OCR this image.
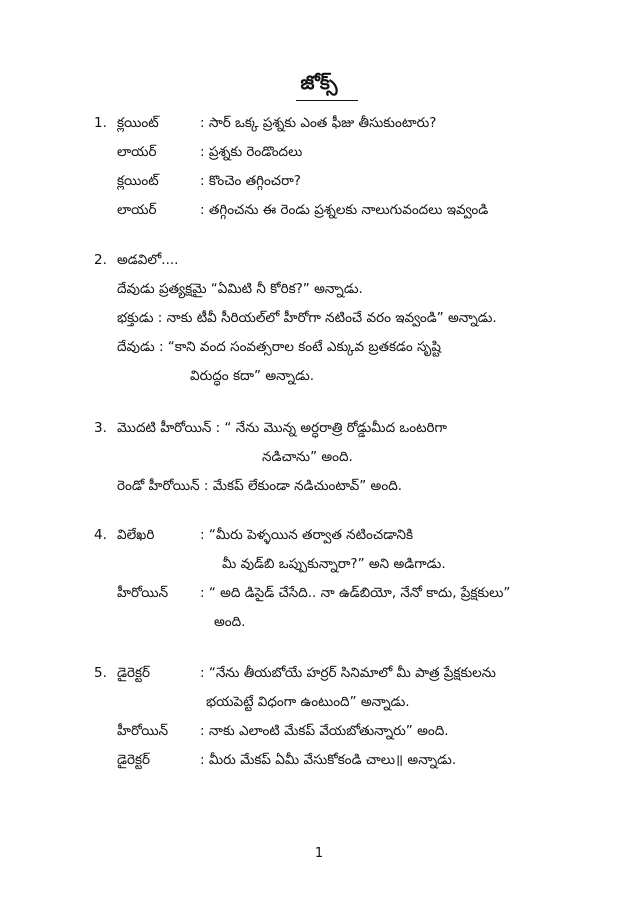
జోక్స్
1. క్లయింట్	: సార్ ఒక్క ప్రశ్నకు ఎంత ఫీజు తీసుకుంటారు?
లాయర్	: ప్రశ్నకు రెండొందలు
క్లయింట్	: కొంచెం తగ్గించరా?
లాయర్	: తగ్గించను ఈ రెండు ప్రశ్నలకు నాలుగువందలు ఇవ్వండి
2. అడవిలో....
దేవుడు ప్రత్యక్షమై “ఏమిటి నీ కోరిక?” అన్నాడు.
భక్తుడు : నాకు టీవీ సీరియల్‌లో హీరోగా నటించే వరం ఇవ్వండి” అన్నాడు.
దేవుడు : “కాని వంద సంవత్సరాల కంటే ఎక్కువ బ్రతకడం సృష్టి
విరుద్ధం కదా” అన్నాడు.
3. మొదటి హీరోయిన్ : “ నేను మొన్న అర్ధరాత్రి రోడ్డుమీద ఒంటరిగా
నడిచాను” అంది.
రెండో హీరోయిన్ : మేకప్ లేకుండా నడిచుంటావ్” అంది.
4. విలేఖరి	: “మీరు పెళ్ళయిన తర్వాత నటించడానికి
మీ వుడ్‌బి ఒప్పుకున్నారా?” అని అడిగాడు.
హీరోయిన్ : “ అది డిసైడ్ చేసేది.. నా ఉడ్‌బియో, నేనో కాదు, ప్రేక్షకులు”
అంది.
5. డైరెక్టర్	: “నేను తీయబోయే హర్రర్ సినిమాలో మీ పాత్ర ప్రేక్షకులను
భయపెట్టే విధంగా ఉంటుంది” అన్నాడు.
హీరోయిన్ : నాకు ఎలాంటి మేకప్ వేయబోతున్నారు” అంది.
డైరెక్టర్	: మీరు మేకప్ ఏమీ వేసుకోకండి చాలు॥ అన్నాడు.
1
